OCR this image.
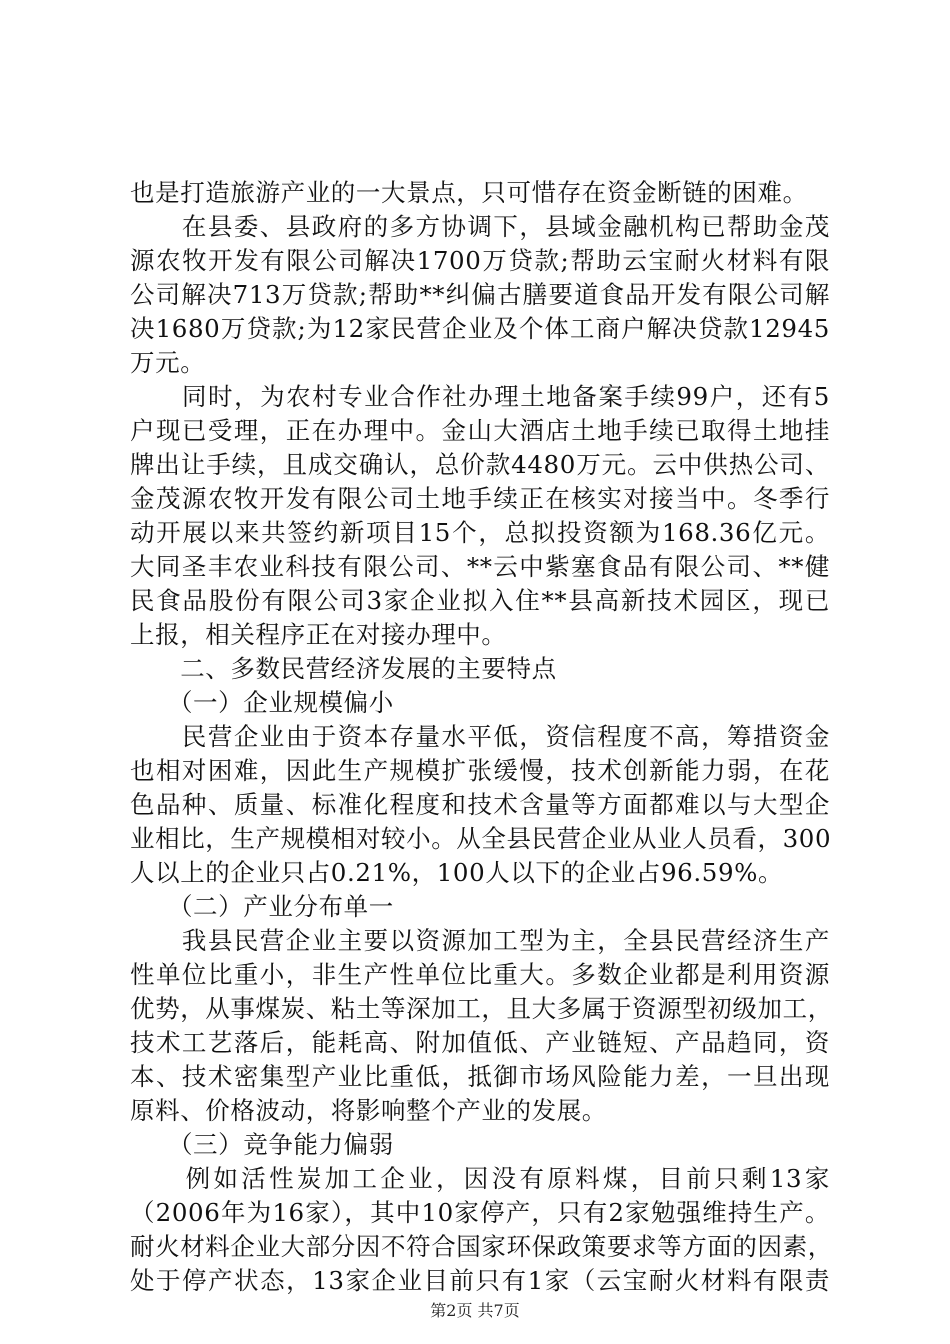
也是打造旅游产业的一大景点，只可惜存在资金断链的困难。
　　在县委、县政府的多方协调下，县域金融机构已帮助金茂
源农牧开发有限公司解决1700万贷款;帮助云宝耐火材料有限
公司解决713万贷款;帮助**纠偏古膳要道食品开发有限公司解
决1680万贷款;为12家民营企业及个体工商户解决贷款12945
万元。
　　同时，为农村专业合作社办理土地备案手续99户，还有5
户现已受理，正在办理中。金山大酒店土地手续已取得土地挂
牌出让手续，且成交确认，总价款4480万元。云中供热公司、
金茂源农牧开发有限公司土地手续正在核实对接当中。冬季行
动开展以来共签约新项目15个，总拟投资额为168.36亿元。
大同圣丰农业科技有限公司、**云中紫塞食品有限公司、**健
民食品股份有限公司3家企业拟入住**县高新技术园区，现已
上报，相关程序正在对接办理中。
　　二、多数民营经济发展的主要特点
　　（一）企业规模偏小
　　民营企业由于资本存量水平低，资信程度不高，筹措资金
也相对困难，因此生产规模扩张缓慢，技术创新能力弱，在花
色品种、质量、标准化程度和技术含量等方面都难以与大型企
业相比，生产规模相对较小。从全县民营企业从业人员看，300
人以上的企业只占0.21%，100人以下的企业占96.59%。
　　（二）产业分布单一
　　我县民营企业主要以资源加工型为主，全县民营经济生产
性单位比重小，非生产性单位比重大。多数企业都是利用资源
优势，从事煤炭、粘土等深加工，且大多属于资源型初级加工，
技术工艺落后，能耗高、附加值低、产业链短、产品趋同，资
本、技术密集型产业比重低，抵御市场风险能力差，一旦出现
原料、价格波动，将影响整个产业的发展。
　　（三）竞争能力偏弱
　　例如活性炭加工企业，因没有原料煤，目前只剩13家
（2006年为16家），其中10家停产，只有2家勉强维持生产。
耐火材料企业大部分因不符合国家环保政策要求等方面的因素，
处于停产状态，13家企业目前只有1家（云宝耐火材料有限责
第2页 共7页
